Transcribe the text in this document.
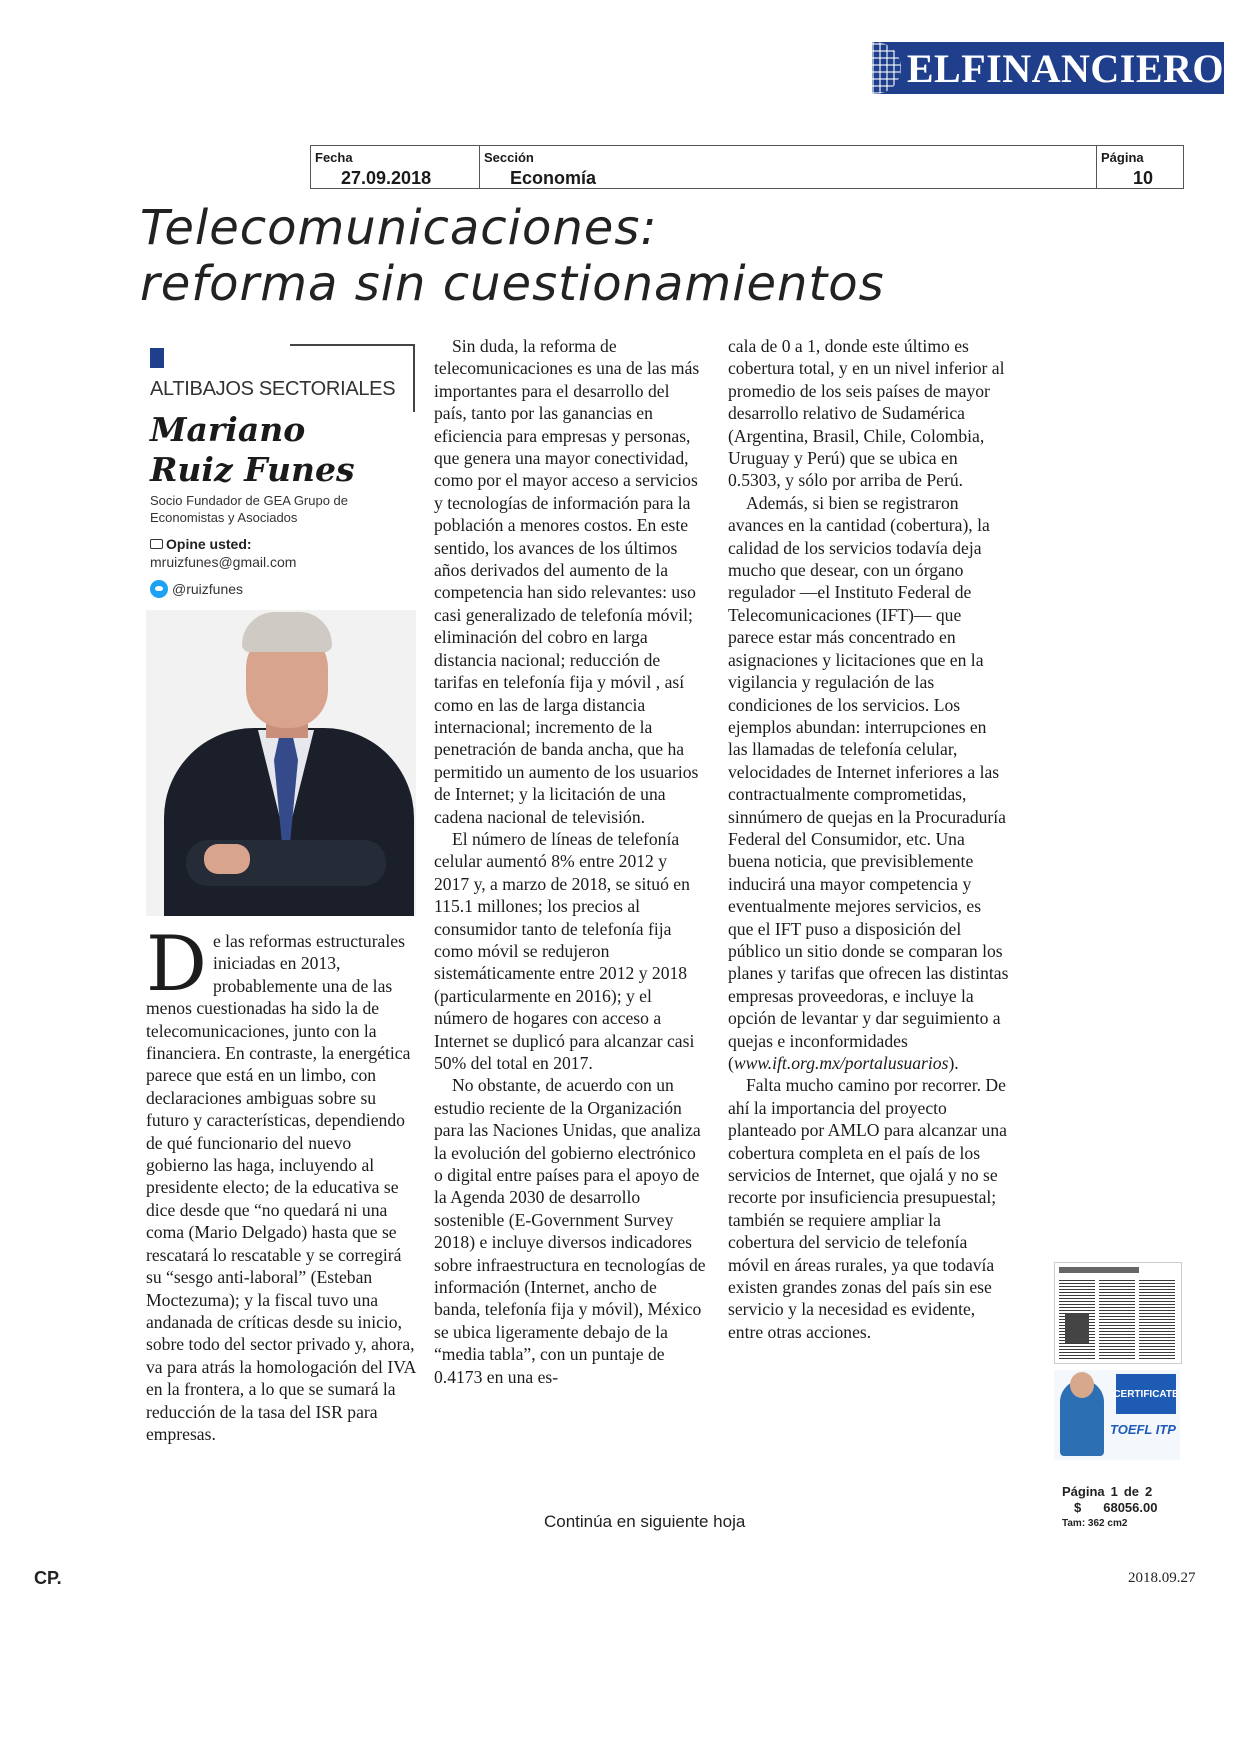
ELFINANCIERO
Fecha
27.09.2018
Sección
Economía
Página
10
Telecomunicaciones:
reforma sin cuestionamientos
ALTIBAJOS SECTORIALES
Mariano
Ruiz Funes
Socio Fundador de GEA Grupo de Economistas y Asociados
Opine usted:
mruizfunes@gmail.com
@ruizfunes

De las reformas estructurales iniciadas en 2013, probablemente una de las menos cuestionadas ha sido la de telecomunicaciones, junto con la financiera. En contraste, la energética parece que está en un limbo, con declaraciones ambiguas sobre su futuro y características, dependiendo de qué funcionario del nuevo gobierno las haga, incluyendo al presidente electo; de la educativa se dice desde que “no quedará ni una coma (Mario Delgado) hasta que se rescatará lo rescatable y se corregirá su “sesgo anti-laboral” (Esteban Moctezuma); y la fiscal tuvo una andanada de críticas desde su inicio, sobre todo del sector privado y, ahora, va para atrás la homologación del IVA en la frontera, a lo que se sumará la reducción de la tasa del ISR para empresas.

Sin duda, la reforma de telecomunicaciones es una de las más importantes para el desarrollo del país, tanto por las ganancias en eficiencia para empresas y personas, que genera una mayor conectividad, como por el mayor acceso a servicios y tecnologías de información para la población a menores costos. En este sentido, los avances de los últimos años derivados del aumento de la competencia han sido relevantes: uso casi generalizado de telefonía móvil; eliminación del cobro en larga distancia nacional; reducción de tarifas en telefonía fija y móvil , así como en las de larga distancia internacional; incremento de la penetración de banda ancha, que ha permitido un aumento de los usuarios de Internet; y la licitación de una cadena nacional de televisión.

El número de líneas de telefonía celular aumentó 8% entre 2012 y 2017 y, a marzo de 2018, se situó en 115.1 millones; los precios al consumidor tanto de telefonía fija como móvil se redujeron sistemáticamente entre 2012 y 2018 (particularmente en 2016); y el número de hogares con acceso a Internet se duplicó para alcanzar casi 50% del total en 2017.

No obstante, de acuerdo con un estudio reciente de la Organización para las Naciones Unidas, que analiza la evolución del gobierno electrónico o digital entre países para el apoyo de la Agenda 2030 de desarrollo sostenible (E-Government Survey 2018) e incluye diversos indicadores sobre infraestructura en tecnologías de información (Internet, ancho de banda, telefonía fija y móvil), México se ubica ligeramente debajo de la “media tabla”, con un puntaje de 0.4173 en una es-

cala de 0 a 1, donde este último es cobertura total, y en un nivel inferior al promedio de los seis países de mayor desarrollo relativo de Sudamérica (Argentina, Brasil, Chile, Colombia, Uruguay y Perú) que se ubica en 0.5303, y sólo por arriba de Perú.

Además, si bien se registraron avances en la cantidad (cobertura), la calidad de los servicios todavía deja mucho que desear, con un órgano regulador —el Instituto Federal de Telecomunicaciones (IFT)— que parece estar más concentrado en asignaciones y licitaciones que en la vigilancia y regulación de las condiciones de los servicios. Los ejemplos abundan: interrupciones en las llamadas de telefonía celular, velocidades de Internet inferiores a las contractualmente comprometidas, sinnúmero de quejas en la Procuraduría Federal del Consumidor, etc. Una buena noticia, que previsiblemente inducirá una mayor competencia y eventualmente mejores servicios, es que el IFT puso a disposición del público un sitio donde se comparan los planes y tarifas que ofrecen las distintas empresas proveedoras, e incluye la opción de levantar y dar seguimiento a quejas e inconformidades (www.ift.org.mx/portalusuarios).

Falta mucho camino por recorrer. De ahí la importancia del proyecto planteado por AMLO para alcanzar una cobertura completa en el país de los servicios de Internet, que ojalá y no se recorte por insuficiencia presupuestal; también se requiere ampliar la cobertura del servicio de telefonía móvil en áreas rurales, ya que todavía existen grandes zonas del país sin ese servicio y la necesidad es evidente, entre otras acciones.

Continúa en siguiente hoja
CERTIFICATE
TOEFL ITP
Página 1 de 2
$ 68056.00
Tam: 362 cm2
CP.	2018.09.27
